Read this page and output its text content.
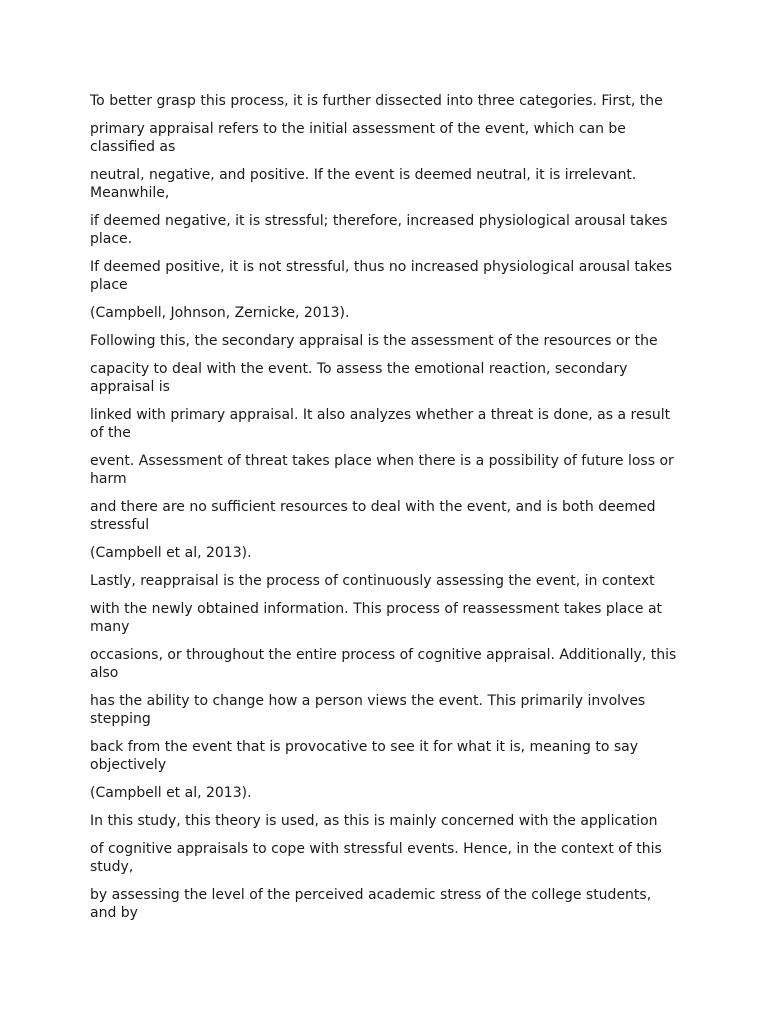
To better grasp this process, it is further dissected into three categories. First, the

primary appraisal refers to the initial assessment of the event, which can be classified as

neutral, negative, and positive. If the event is deemed neutral, it is irrelevant. Meanwhile,

if deemed negative, it is stressful; therefore, increased physiological arousal takes place.

If deemed positive, it is not stressful, thus no increased physiological arousal takes place

(Campbell, Johnson, Zernicke, 2013).

Following this, the secondary appraisal is the assessment of the resources or the

capacity to deal with the event. To assess the emotional reaction, secondary appraisal is

linked with primary appraisal. It also analyzes whether a threat is done, as a result of the

event. Assessment of threat takes place when there is a possibility of future loss or harm

and there are no sufficient resources to deal with the event, and is both deemed stressful

(Campbell et al, 2013).

Lastly, reappraisal is the process of continuously assessing the event, in context

with the newly obtained information. This process of reassessment takes place at many

occasions, or throughout the entire process of cognitive appraisal. Additionally, this also

has the ability to change how a person views the event. This primarily involves stepping

back from the event that is provocative to see it for what it is, meaning to say objectively

(Campbell et al, 2013).

In this study, this theory is used, as this is mainly concerned with the application

of cognitive appraisals to cope with stressful events. Hence, in the context of this study,

by assessing the level of the perceived academic stress of the college students, and by
